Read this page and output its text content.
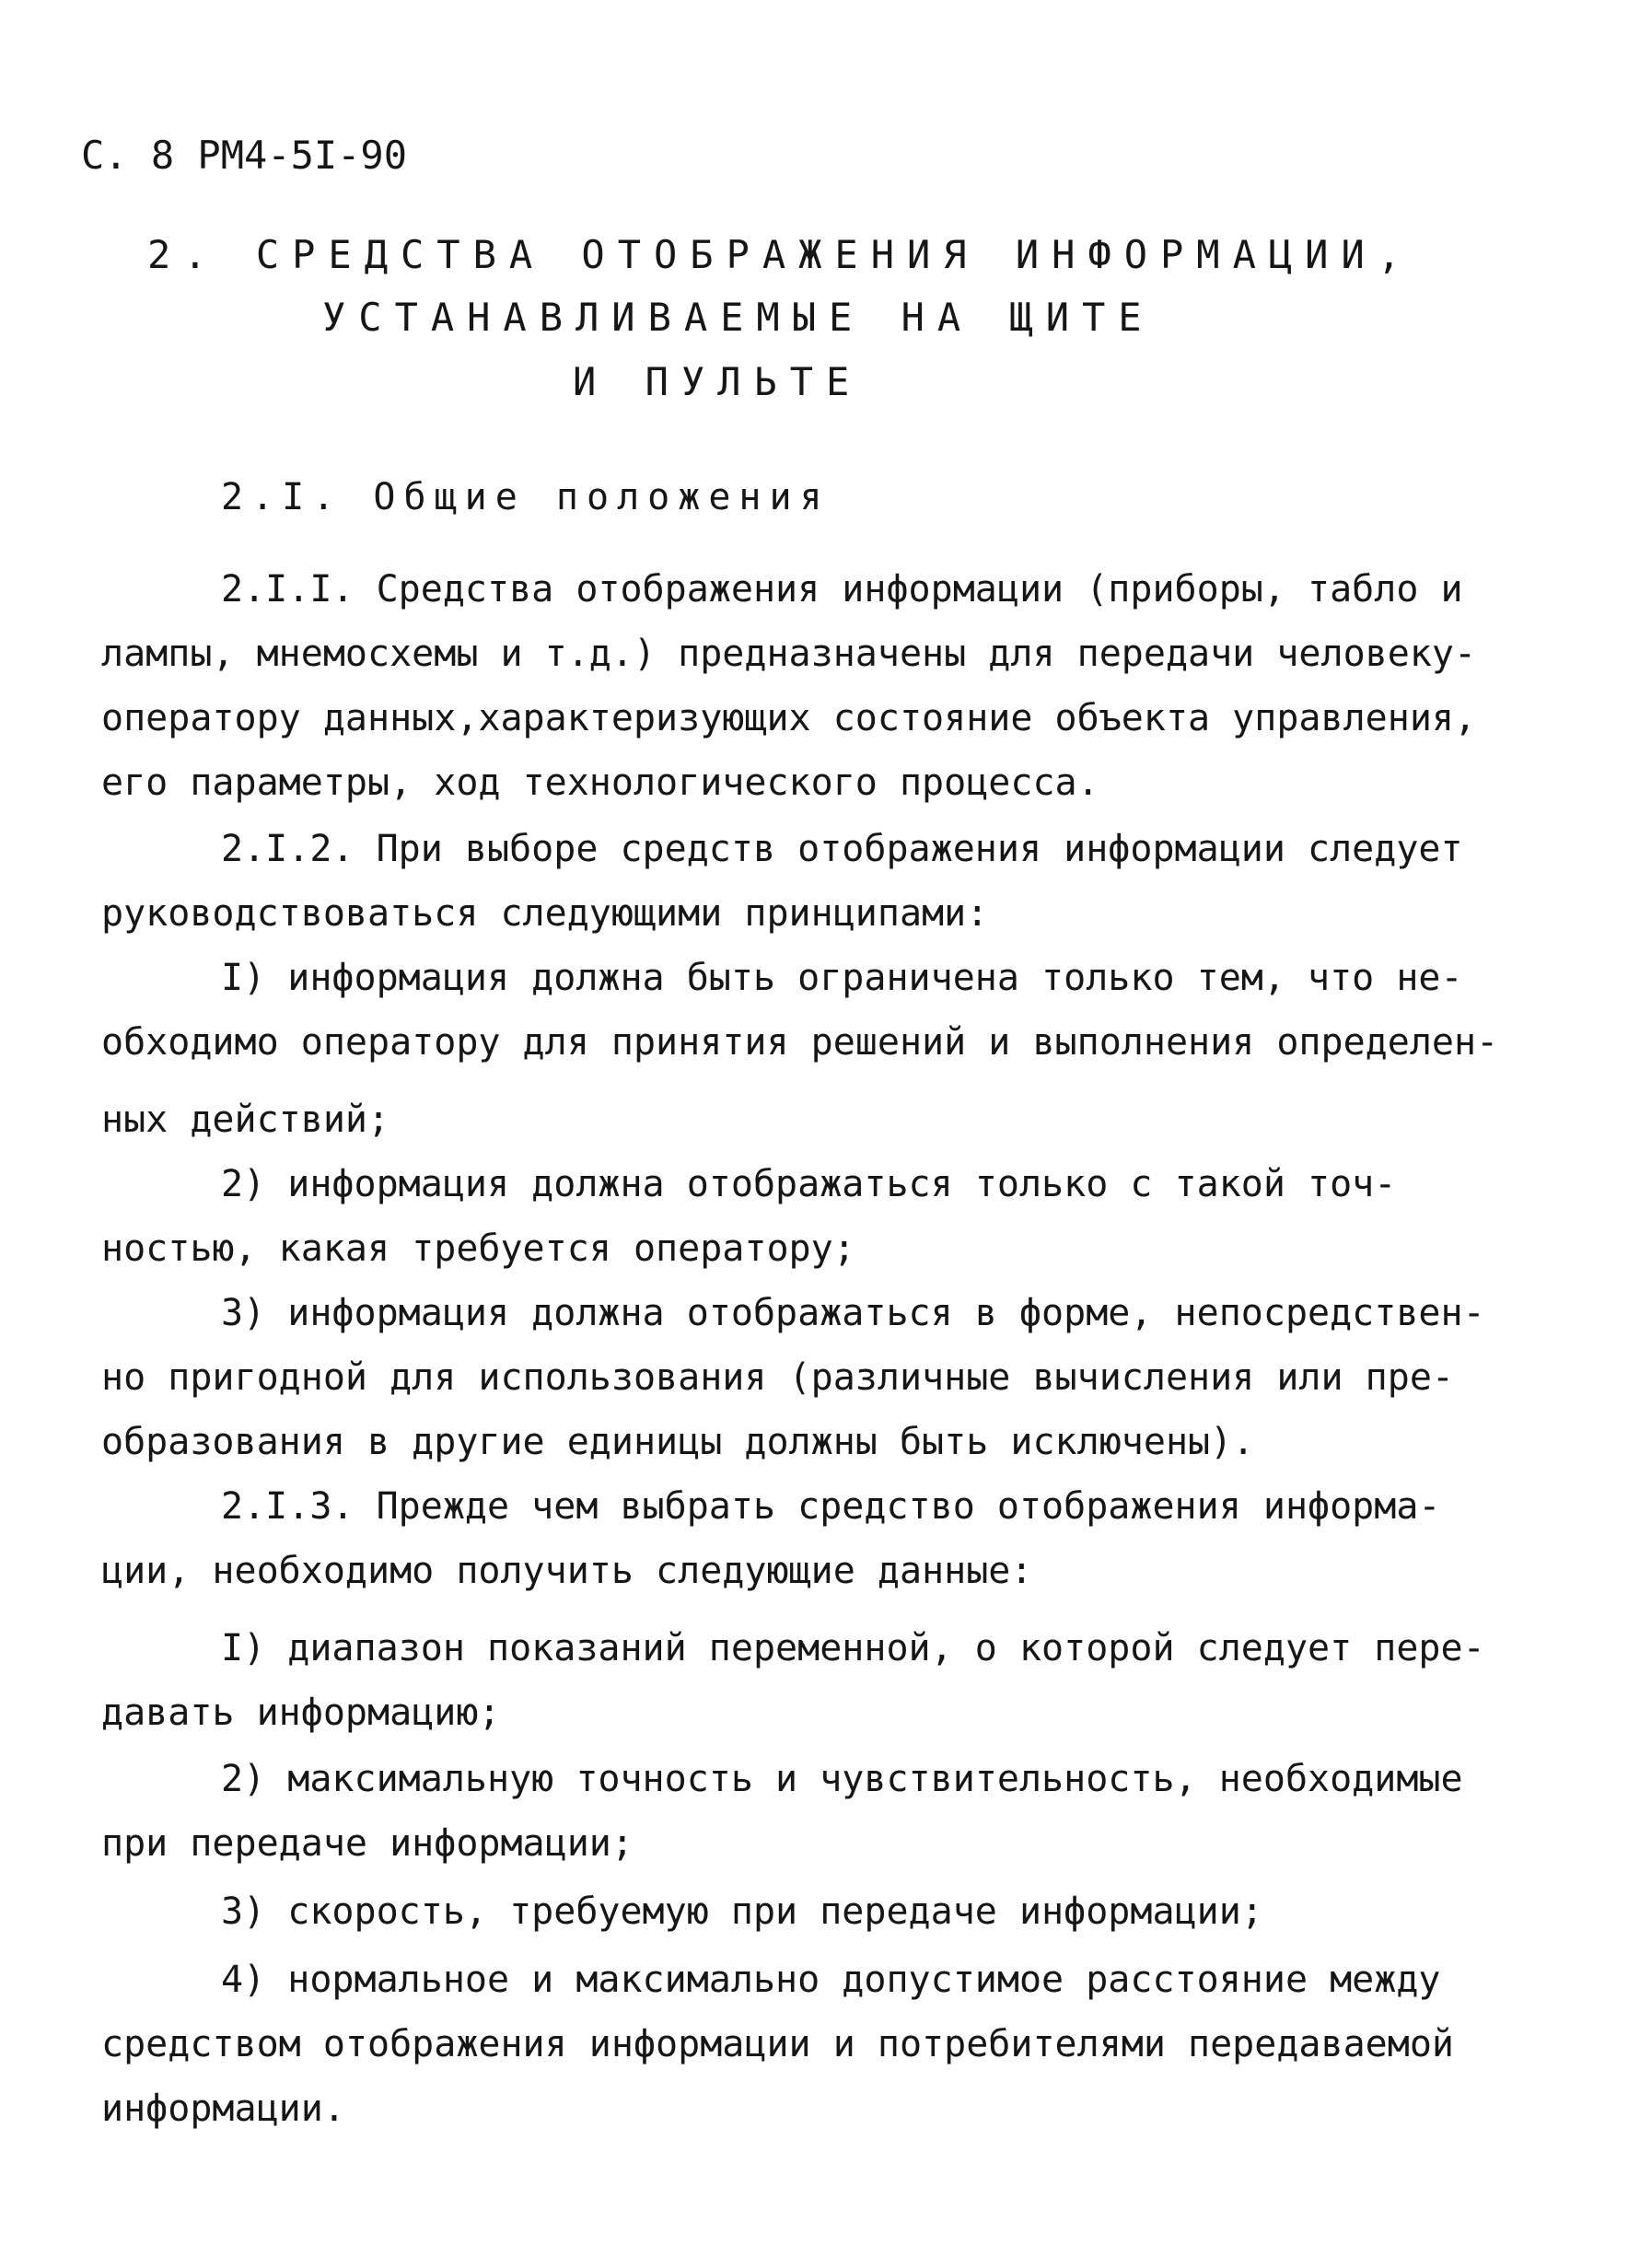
С. 8 РМ4-5I-90
2. СРЕДСТВА ОТОБРАЖЕНИЯ ИНФОРМАЦИИ,
УСТАНАВЛИВАЕМЫЕ НА ЩИТЕ
И ПУЛЬТЕ
2.I. Общие положения
2.I.I. Средства отображения информации (приборы, табло и
лампы, мнемосхемы и т.д.) предназначены для передачи человеку-
оператору данных,характеризующих состояние объекта управления,
его параметры, ход технологического процесса.
2.I.2. При выборе средств отображения информации следует
руководствоваться следующими принципами:
I) информация должна быть ограничена только тем, что не-
обходимо оператору для принятия решений и выполнения определен-
ных действий;
2) информация должна отображаться только с такой точ-
ностью, какая требуется оператору;
3) информация должна отображаться в форме, непосредствен-
но пригодной для использования (различные вычисления или пре-
образования в другие единицы должны быть исключены).
2.I.3. Прежде чем выбрать средство отображения информа-
ции, необходимо получить следующие данные:
I) диапазон показаний переменной, о которой следует пере-
давать информацию;
2) максимальную точность и чувствительность, необходимые
при передаче информации;
3) скорость, требуемую при передаче информации;
4) нормальное и максимально допустимое расстояние между
средством отображения информации и потребителями передаваемой
информации.
